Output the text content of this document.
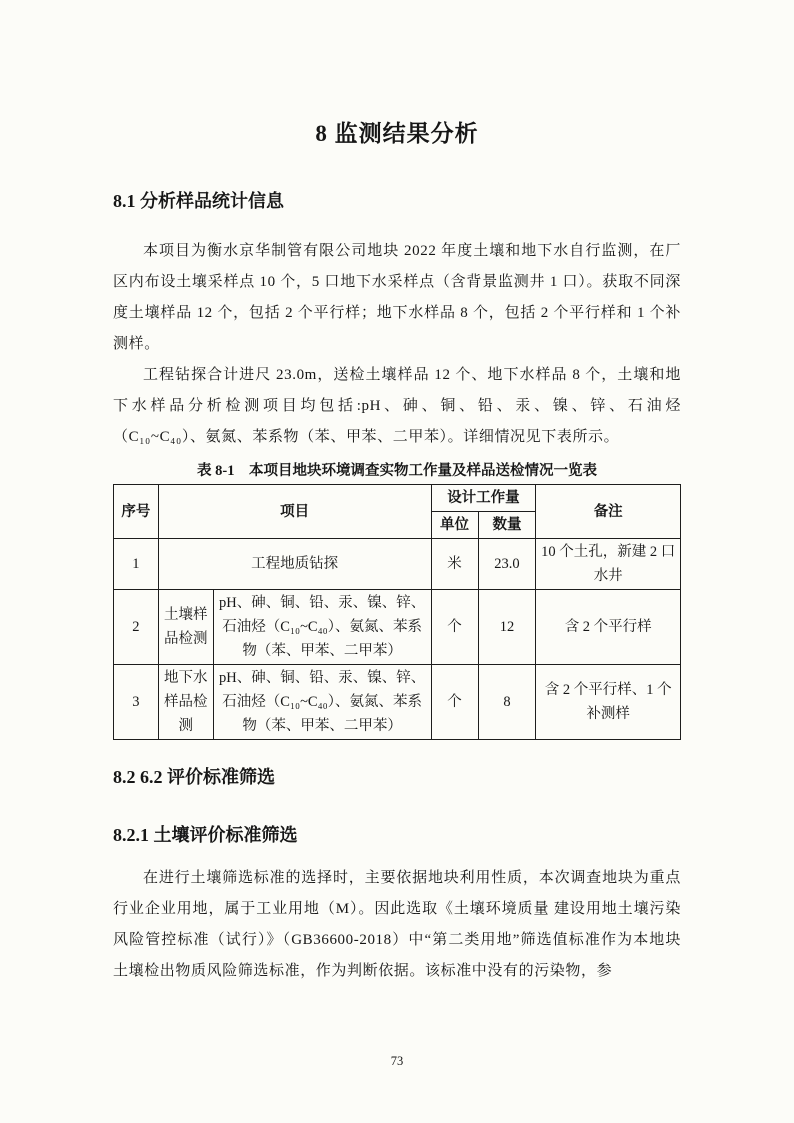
8 监测结果分析
8.1 分析样品统计信息

本项目为衡水京华制管有限公司地块 2022 年度土壤和地下水自行监测，在厂区内布设土壤采样点 10 个，5 口地下水采样点（含背景监测井 1 口）。获取不同深度土壤样品 12 个，包括 2 个平行样；地下水样品 8 个，包括 2 个平行样和 1 个补测样。

工程钻探合计进尺 23.0m，送检土壤样品 12 个、地下水样品 8 个，土壤和地下水样品分析检测项目均包括:pH、砷、铜、铅、汞、镍、锌、石油烃（C₁₀~C₄₀）、氨氮、苯系物（苯、甲苯、二甲苯）。详细情况见下表所示。

表 8-1　本项目地块环境调查实物工作量及样品送检情况一览表
序号	项目		设计工作量		备注
			单位	数量	
1	工程地质钻探		米	23.0	10 个土孔，新建 2 口水井
2	土壤样品检测	pH、砷、铜、铅、汞、镍、锌、石油烃（C₁₀~C₄₀）、氨氮、苯系物（苯、甲苯、二甲苯）	个	12	含 2 个平行样
3	地下水样品检测	pH、砷、铜、铅、汞、镍、锌、石油烃（C₁₀~C₄₀）、氨氮、苯系物（苯、甲苯、二甲苯）	个	8	含 2 个平行样、1 个补测样
8.2 6.2 评价标准筛选
8.2.1 土壤评价标准筛选

在进行土壤筛选标准的选择时，主要依据地块利用性质，本次调查地块为重点行业企业用地，属于工业用地（M）。因此选取《土壤环境质量 建设用地土壤污染风险管控标准（试行）》（GB36600-2018）中“第二类用地”筛选值标准作为本地块土壤检出物质风险筛选标准，作为判断依据。该标准中没有的污染物，参

73
